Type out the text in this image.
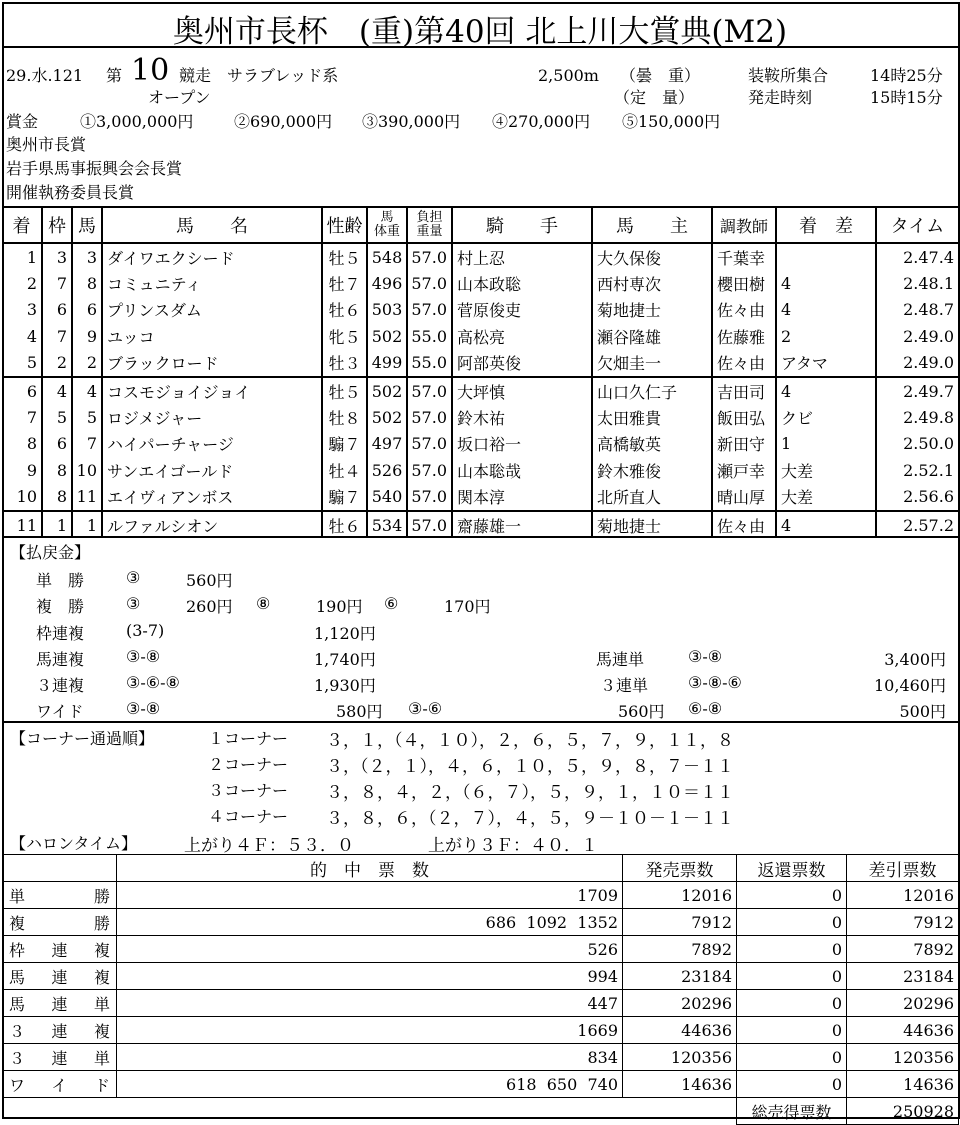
奥州市長杯　(重)第40回 北上川大賞典(M2)
29.水.121 第 10 競走 サラブレッド系
オープン
2,500m （曇　重）
（定　量）
装鞍所集合	14時25分
発走時刻	15時15分
賞金	①3,000,000円	②690,000円 ③390,000円 ④270,000円 ⑤150,000円
奥州市長賞
岩手県馬事振興会会長賞
開催執務委員長賞
着	枠	馬	馬　　名	性齢	馬
体重	負担
重量	騎　　手	馬　　主	調教師	着　差	タイム
1	3	3	ダイワエクシード	牡５	548	57.0	村上忍	大久保俊	千葉幸		2.47.4
2	7	8	コミュニティ	牡７	496	57.0	山本政聡	西村専次	櫻田樹	4	2.48.1
3	6	6	プリンスダム	牡６	503	57.0	菅原俊吏	菊地捷士	佐々由	4	2.48.7
4	7	9	ユッコ	牝５	502	55.0	高松亮	瀬谷隆雄	佐藤雅	2	2.49.0
5	2	2	ブラックロード	牡３	499	55.0	阿部英俊	欠畑圭一	佐々由	アタマ	2.49.0
6	4	4	コスモジョイジョイ	牡５	502	57.0	大坪慎	山口久仁子	吉田司	4	2.49.7
7	5	5	ロジメジャー	牡８	502	57.0	鈴木祐	太田雅貴	飯田弘	クビ	2.49.8
8	6	7	ハイパーチャージ	騸７	497	57.0	坂口裕一	高橋敏英	新田守	1	2.50.0
9	8	10	サンエイゴールド	牡４	526	57.0	山本聡哉	鈴木雅俊	瀬戸幸	大差	2.52.1
10	8	11	エイヴィアンボス	騸７	540	57.0	関本淳	北所直人	晴山厚	大差	2.56.6
11	1	1	ルファルシオン	牡６	534	57.0	齋藤雄一	菊地捷士	佐々由	4	2.57.2
【払戻金】
単　勝	③	560円
複　勝	③	260円 ⑧	190円 ⑥	170円
枠連複	(3-7)	1,120円
馬連複	③-⑧	1,740円	馬連単	③-⑧	3,400円
３連複	③-⑥-⑧	1,930円	３連単 ③-⑧-⑥	10,460円
ワイド	③-⑧	580円 ③-⑥	560円 ⑥-⑧	500円
【コーナー通過順】	１コーナー ３，１，（４，１０），２，６，５，７，９，１１，８
２コーナー ３，（２，１），４，６，１０，５，９，８，７－１１
３コーナー ３，８，４，２，（６，７），５，９，１，１０＝１１
４コーナー ３，８，６，（２，７），４，５，９－１０－１－１１
【ハロンタイム】	上がり４Ｆ：５３．０	上がり３Ｆ：４０．１
	的　中　票　数	発売票数	返還票数	差引票数
単勝	1709	12016	0	12016
複勝	686  1092  1352	7912	0	7912
枠連複	526	7892	0	7892
馬連複	994	23184	0	23184
馬連単	447	20296	0	20296
３連複	1669	44636	0	44636
３連単	834	120356	0	120356
ワイド	618  650  740	14636	0	14636
			総売得票数	250928
